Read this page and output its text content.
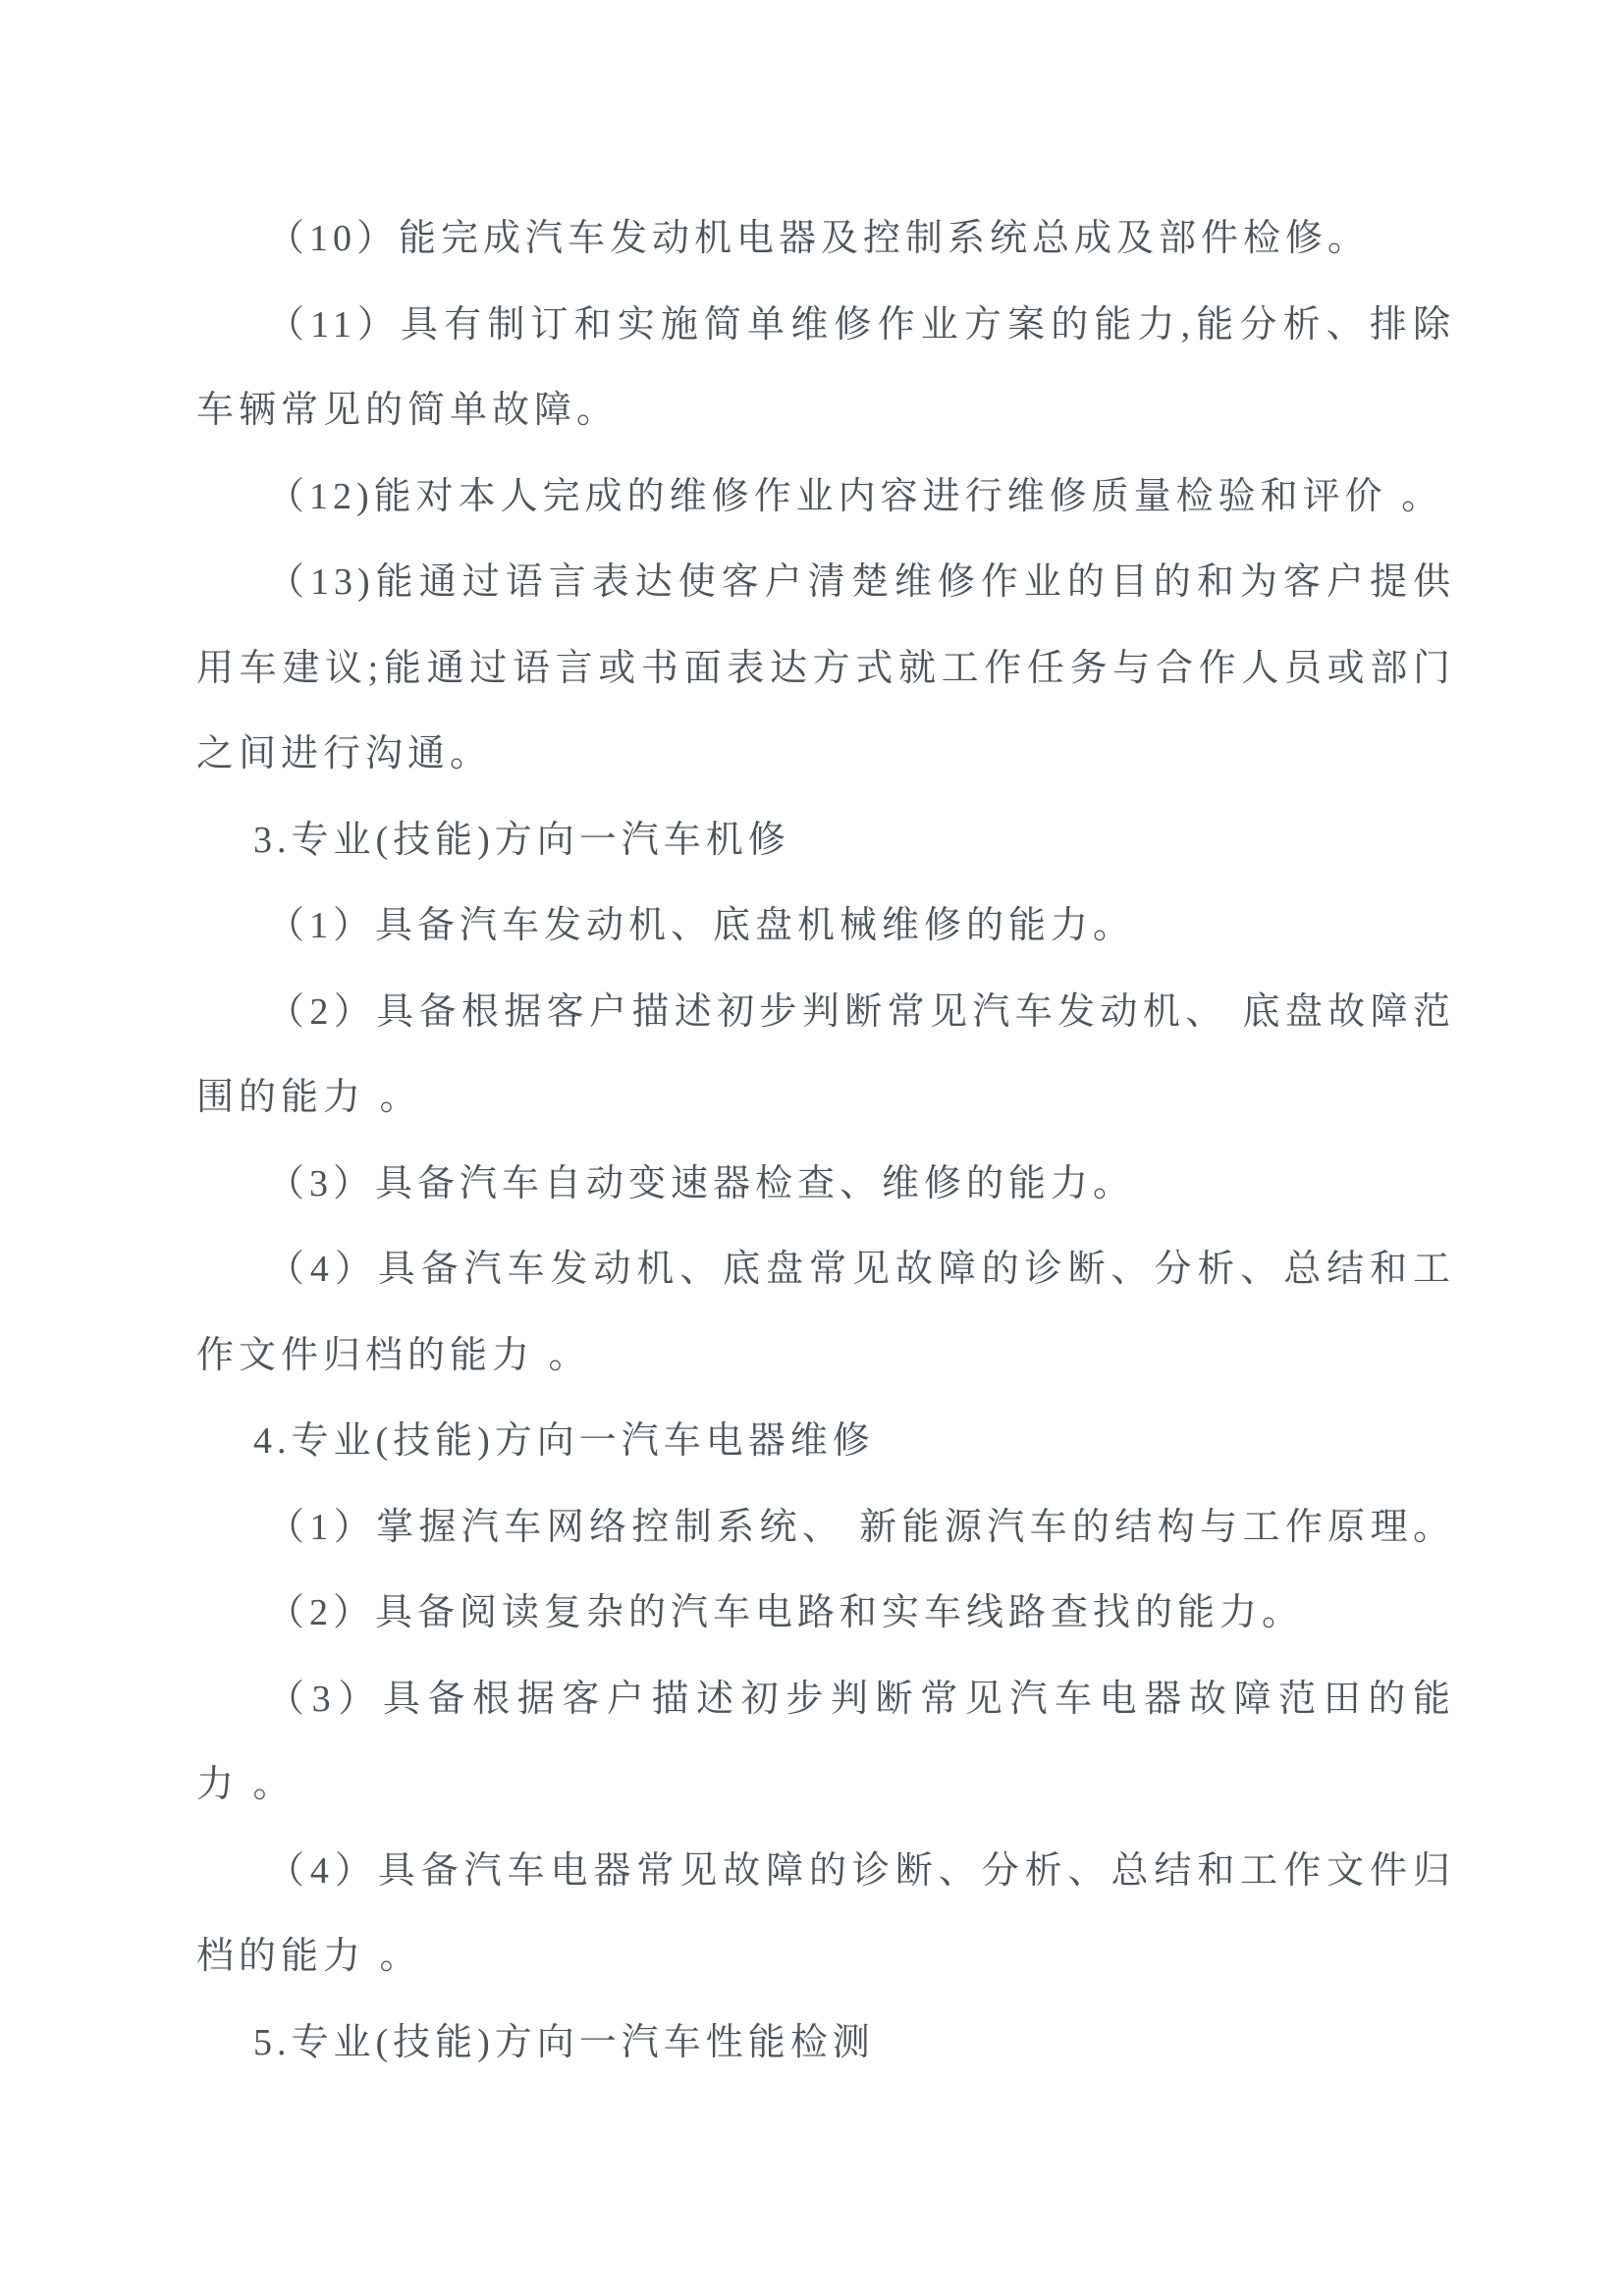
（10）能完成汽车发动机电器及控制系统总成及部件检修。
（11）具有制订和实施简单维修作业方案的能力,能分析、排除
车辆常见的简单故障。
（12)能对本人完成的维修作业内容进行维修质量检验和评价 。
（13)能通过语言表达使客户清楚维修作业的目的和为客户提供
用车建议;能通过语言或书面表达方式就工作任务与合作人员或部门
之间进行沟通。
3.专业(技能)方向一汽车机修
（1）具备汽车发动机、底盘机械维修的能力。
（2）具备根据客户描述初步判断常见汽车发动机、 底盘故障范
围的能力 。
（3）具备汽车自动变速器检查、维修的能力。
（4）具备汽车发动机、底盘常见故障的诊断、分析、总结和工
作文件归档的能力 。
4.专业(技能)方向一汽车电器维修
（1）掌握汽车网络控制系统、 新能源汽车的结构与工作原理。
（2）具备阅读复杂的汽车电路和实车线路查找的能力。
（3）具备根据客户描述初步判断常见汽车电器故障范田的能
力 。
（4）具备汽车电器常见故障的诊断、分析、总结和工作文件归
档的能力 。
5.专业(技能)方向一汽车性能检测
